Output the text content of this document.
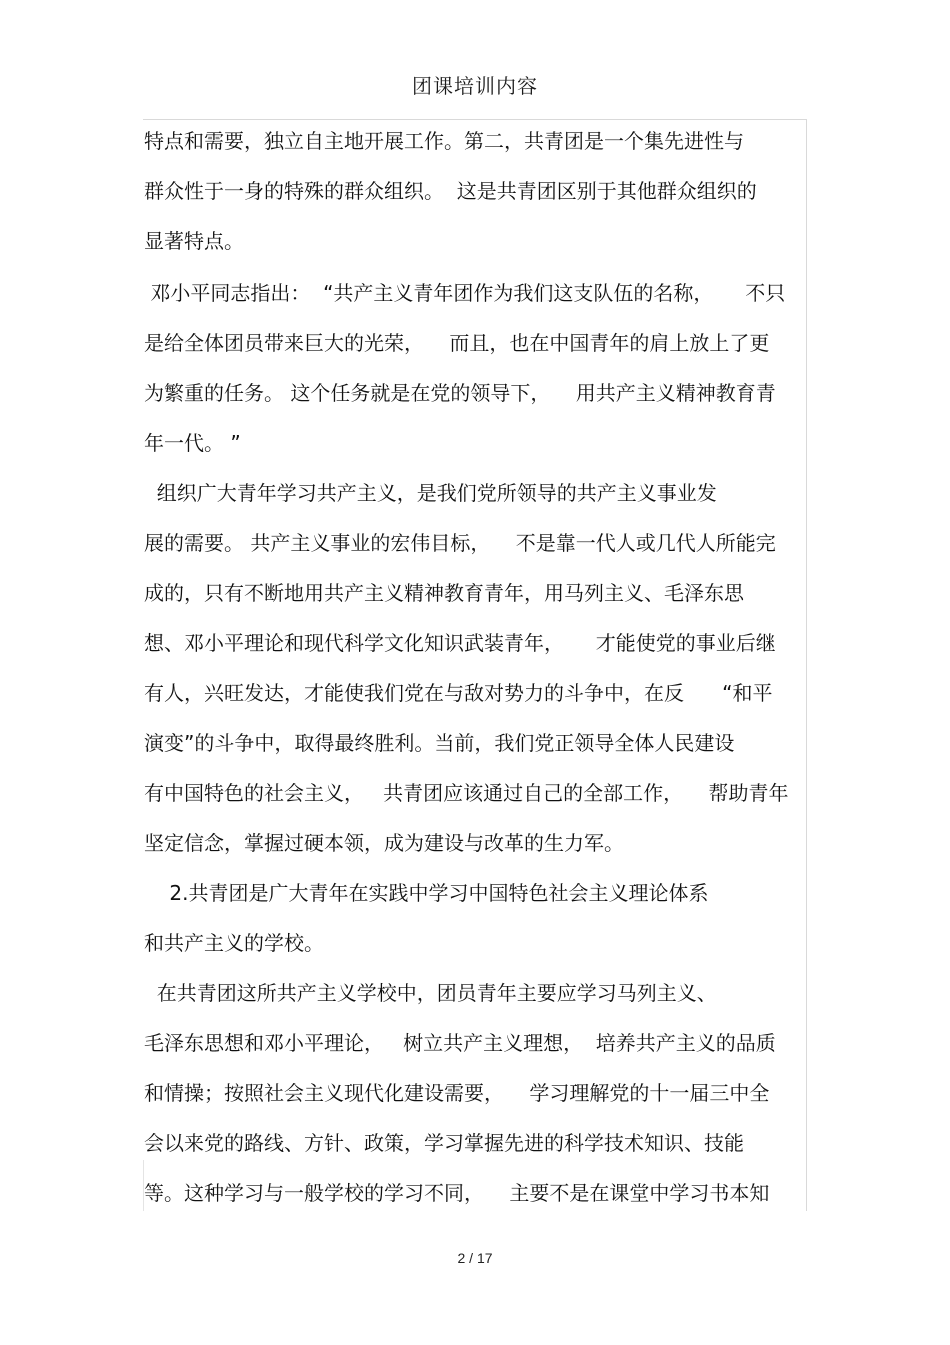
团课培训内容
特点和需要，独立自主地开展工作。第二，共青团是一个集先进性与
群众性于一身的特殊的群众组织。  这是共青团区别于其他群众组织的
显著特点。
邓小平同志指出：  “共产主义青年团作为我们这支队伍的名称，     不只
是给全体团员带来巨大的光荣，    而且，也在中国青年的肩上放上了更
为繁重的任务。 这个任务就是在党的领导下，    用共产主义精神教育青
年一代。 ”
组织广大青年学习共产主义，是我们党所领导的共产主义事业发
展的需要。 共产主义事业的宏伟目标，    不是靠一代人或几代人所能完
成的，只有不断地用共产主义精神教育青年，用马列主义、毛泽东思
想、邓小平理论和现代科学文化知识武装青年，     才能使党的事业后继
有人，兴旺发达，才能使我们党在与敌对势力的斗争中，在反      “和平
演变”的斗争中，取得最终胜利。当前，我们党正领导全体人民建设
有中国特色的社会主义，   共青团应该通过自己的全部工作，    帮助青年
坚定信念，掌握过硬本领，成为建设与改革的生力军。
2.共青团是广大青年在实践中学习中国特色社会主义理论体系
和共产主义的学校。
在共青团这所共产主义学校中，团员青年主要应学习马列主义、
毛泽东思想和邓小平理论，   树立共产主义理想，  培养共产主义的品质
和情操；按照社会主义现代化建设需要，    学习理解党的十一届三中全
会以来党的路线、方针、政策，学习掌握先进的科学技术知识、技能
等。这种学习与一般学校的学习不同，    主要不是在课堂中学习书本知
2 / 17
